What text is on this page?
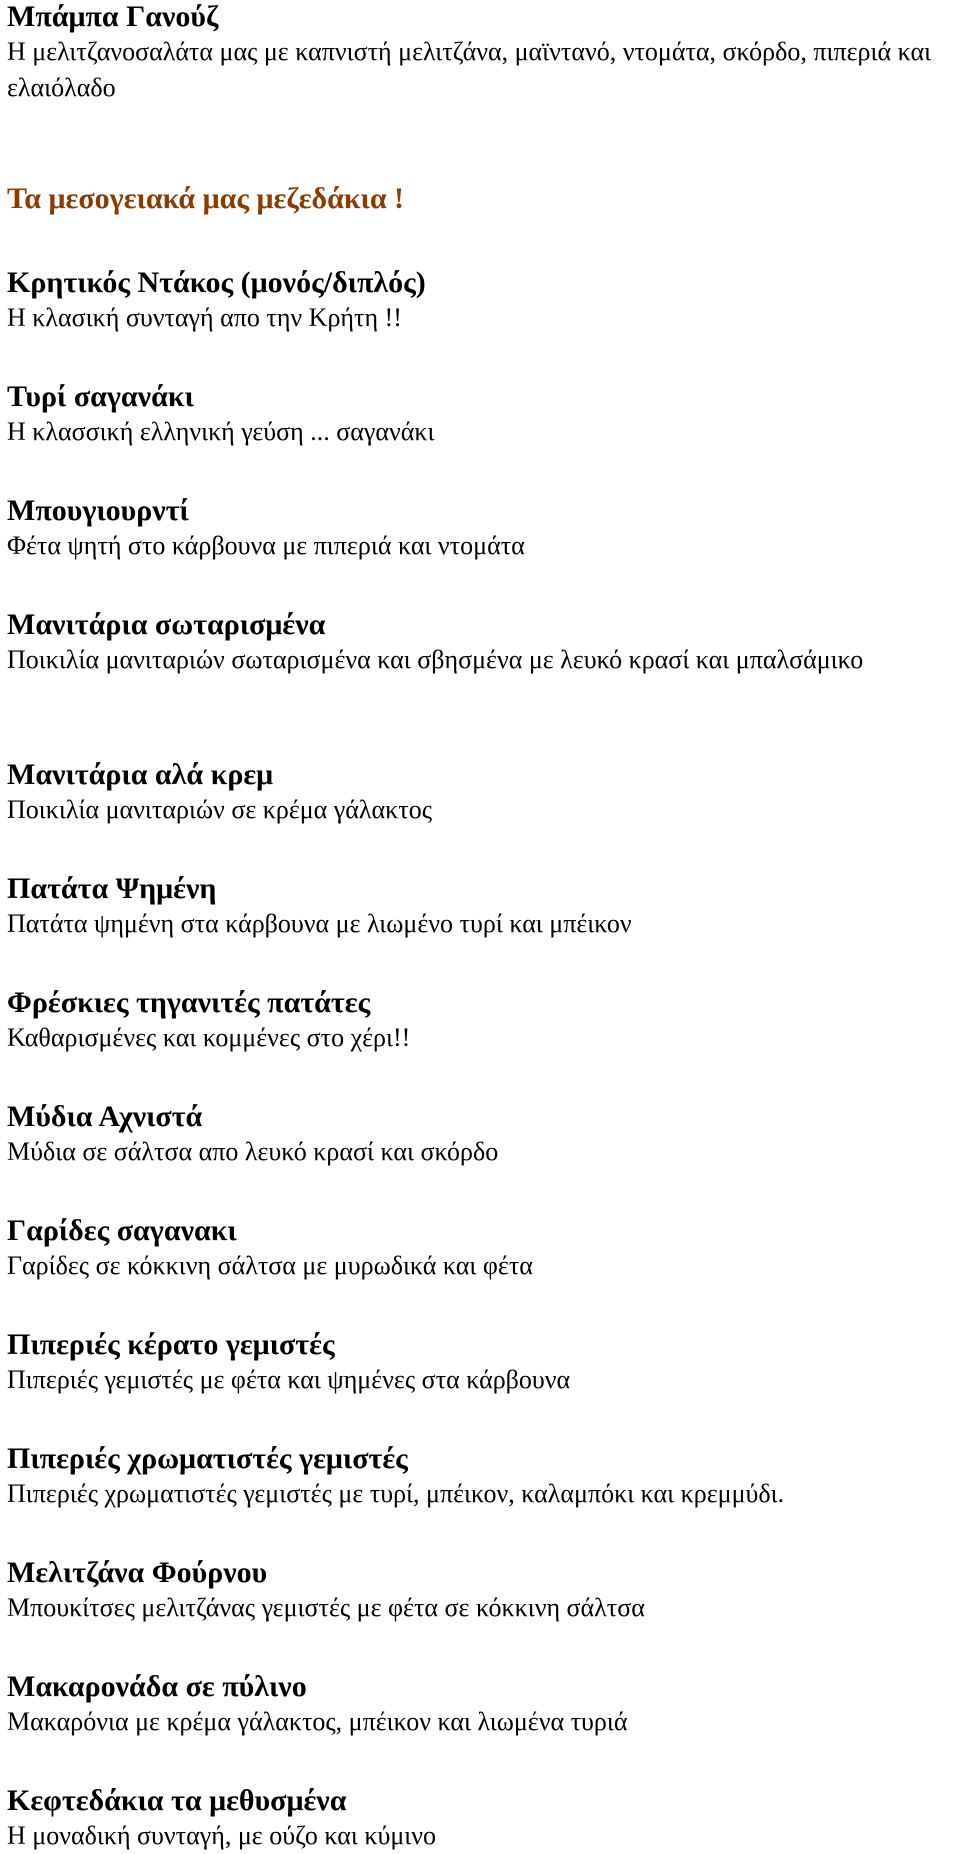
Μπάμπα Γανούζ

Η μελιτζανοσαλάτα μας με καπνιστή μελιτζάνα, μαϊντανό, ντομάτα, σκόρδο, πιπεριά και ελαιόλαδο

Τα μεσογειακά μας μεζεδάκια !

Κρητικός Ντάκος (μονός/διπλός)

Η κλασική συνταγή απο την Κρήτη !!

Τυρί σαγανάκι

Η κλασσική ελληνική γεύση ... σαγανάκι

Μπουγιουρντί

Φέτα ψητή στο κάρβουνα με πιπεριά και ντομάτα

Μανιτάρια σωταρισμένα

Ποικιλία μανιταριών σωταρισμένα και σβησμένα με λευκό κρασί και μπαλσάμικο

Μανιτάρια αλά κρεμ

Ποικιλία μανιταριών σε κρέμα γάλακτος

Πατάτα Ψημένη

Πατάτα ψημένη στα κάρβουνα με λιωμένο τυρί και μπέικον

Φρέσκιες τηγανιτές πατάτες

Καθαρισμένες και κομμένες στο χέρι!!

Μύδια Αχνιστά

Μύδια σε σάλτσα απο λευκό κρασί και σκόρδο

Γαρίδες σαγανακι

Γαρίδες σε κόκκινη σάλτσα με μυρωδικά και φέτα

Πιπεριές κέρατο γεμιστές

Πιπεριές γεμιστές με φέτα και ψημένες στα κάρβουνα

Πιπεριές χρωματιστές γεμιστές

Πιπεριές χρωματιστές γεμιστές με τυρί, μπέικον, καλαμπόκι και κρεμμύδι.

Μελιτζάνα Φούρνου

Μπουκίτσες μελιτζάνας γεμιστές με φέτα σε κόκκινη σάλτσα

Μακαρονάδα σε πύλινο

Μακαρόνια με κρέμα γάλακτος, μπέικον και λιωμένα τυριά

Κεφτεδάκια τα μεθυσμένα

Η μοναδική συνταγή, με ούζο και κύμινο
